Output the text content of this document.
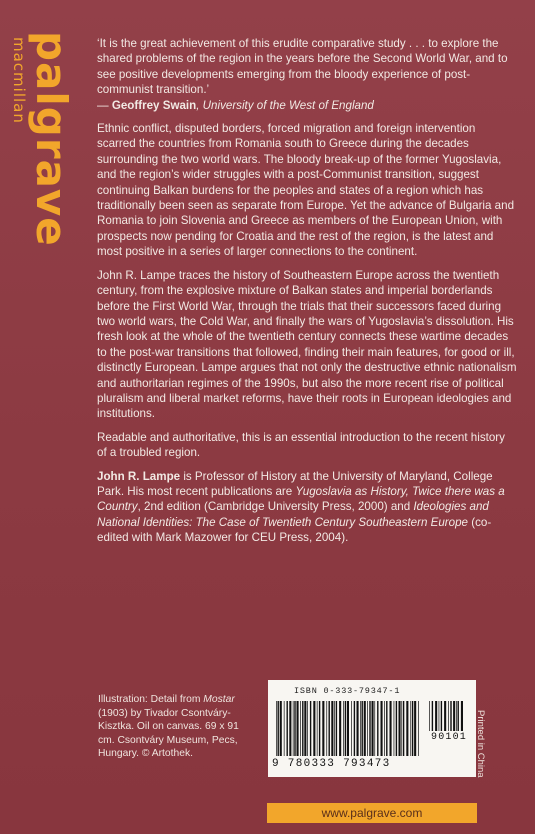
palgrave
macmillan	‘It is the great achievement of this erudite comparative study . . . to explore the shared problems of the region in the years before the Second World War, and to see positive developments emerging from the bloody experience of post-communist transition.’
— Geoffrey Swain, University of the West of England

Ethnic conflict, disputed borders, forced migration and foreign intervention scarred the countries from Romania south to Greece during the decades surrounding the two world wars. The bloody break-up of the former Yugoslavia, and the region’s wider struggles with a post-Communist transition, suggest continuing Balkan burdens for the peoples and states of a region which has traditionally been seen as separate from Europe. Yet the advance of Bulgaria and Romania to join Slovenia and Greece as members of the European Union, with prospects now pending for Croatia and the rest of the region, is the latest and most positive in a series of larger connections to the continent.

John R. Lampe traces the history of Southeastern Europe across the twentieth century, from the explosive mixture of Balkan states and imperial borderlands before the First World War, through the trials that their successors faced during two world wars, the Cold War, and finally the wars of Yugoslavia’s dissolution. His fresh look at the whole of the twentieth century connects these wartime decades to the post-war transitions that followed, finding their main features, for good or ill, distinctly European. Lampe argues that not only the destructive ethnic nationalism and authoritarian regimes of the 1990s, but also the more recent rise of political pluralism and liberal market reforms, have their roots in European ideologies and institutions.

Readable and authoritative, this is an essential introduction to the recent history of a troubled region.

John R. Lampe is Professor of History at the University of Maryland, College Park. His most recent publications are Yugoslavia as History, Twice there was a Country, 2nd edition (Cambridge University Press, 2000) and Ideologies and National Identities: The Case of Twentieth Century Southeastern Europe (co-edited with Mark Mazower for CEU Press, 2004).

Illustration: Detail from Mostar (1903) by Tivador Csontváry-Kisztka. Oil on canvas. 69 x 91 cm. Csontváry Museum, Pecs, Hungary. © Artothek.
ISBN 0-333-79347-1
90101
9 780333 793473	Printed in China
www.palgrave.com
